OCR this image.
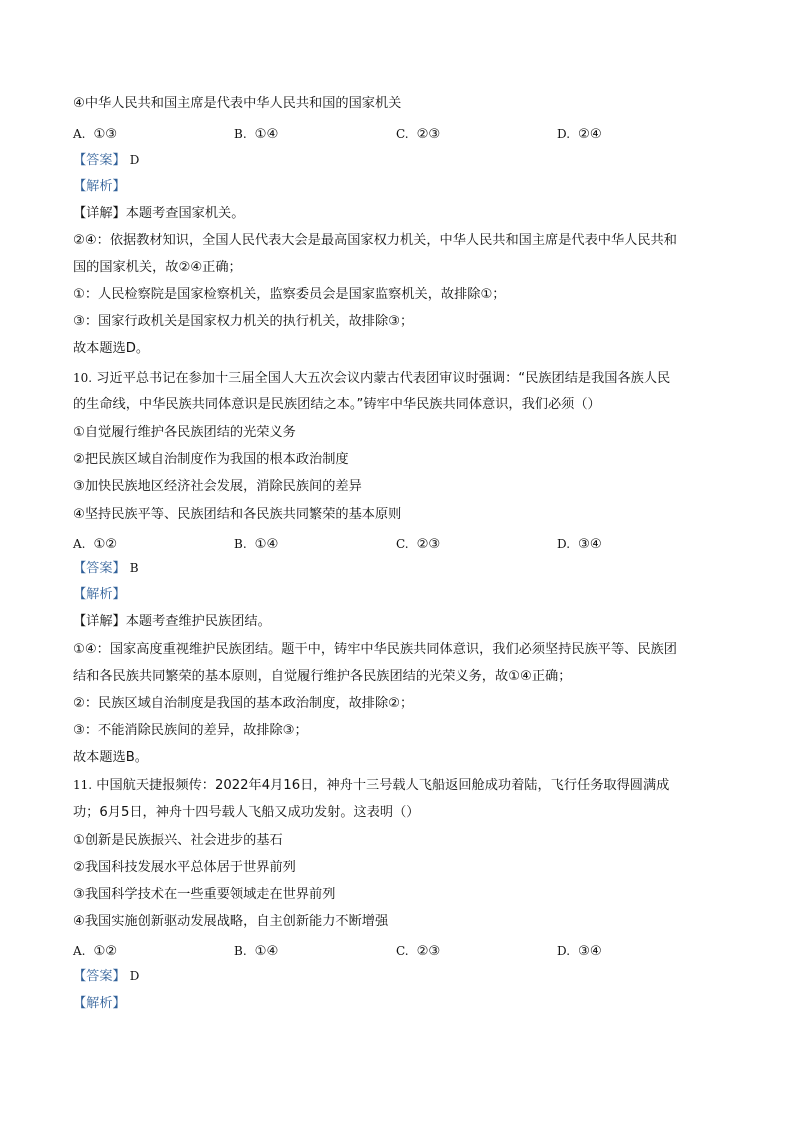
④中华人民共和国主席是代表中华人民共和国的国家机关
A. ①③	B. ①④	C. ②③	D. ②④
【答案】 D
【解析】
【详解】本题考查国家机关。
②④：依据教材知识，全国人民代表大会是最高国家权力机关，中华人民共和国主席是代表中华人民共和
国的国家机关，故②④正确；
①：人民检察院是国家检察机关，监察委员会是国家监察机关，故排除①；
③：国家行政机关是国家权力机关的执行机关，故排除③；
故本题选D。
10. 习近平总书记在参加十三届全国人大五次会议内蒙古代表团审议时强调：“民族团结是我国各族人民
的生命线，中华民族共同体意识是民族团结之本。”铸牢中华民族共同体意识，我们必须（）
①自觉履行维护各民族团结的光荣义务
②把民族区域自治制度作为我国的根本政治制度
③加快民族地区经济社会发展，消除民族间的差异
④坚持民族平等、民族团结和各民族共同繁荣的基本原则
A. ①②	B. ①④	C. ②③	D. ③④
【答案】 B
【解析】
【详解】本题考查维护民族团结。
①④：国家高度重视维护民族团结。题干中，铸牢中华民族共同体意识，我们必须坚持民族平等、民族团
结和各民族共同繁荣的基本原则，自觉履行维护各民族团结的光荣义务，故①④正确；
②：民族区域自治制度是我国的基本政治制度，故排除②；
③：不能消除民族间的差异，故排除③；
故本题选B。
11. 中国航天捷报频传：2022年4月16日，神舟十三号载人飞船返回舱成功着陆，飞行任务取得圆满成
功；6月5日，神舟十四号载人飞船又成功发射。这表明（）
①创新是民族振兴、社会进步的基石
②我国科技发展水平总体居于世界前列
③我国科学技术在一些重要领域走在世界前列
④我国实施创新驱动发展战略，自主创新能力不断增强
A. ①②	B. ①④	C. ②③	D. ③④
【答案】 D
【解析】
